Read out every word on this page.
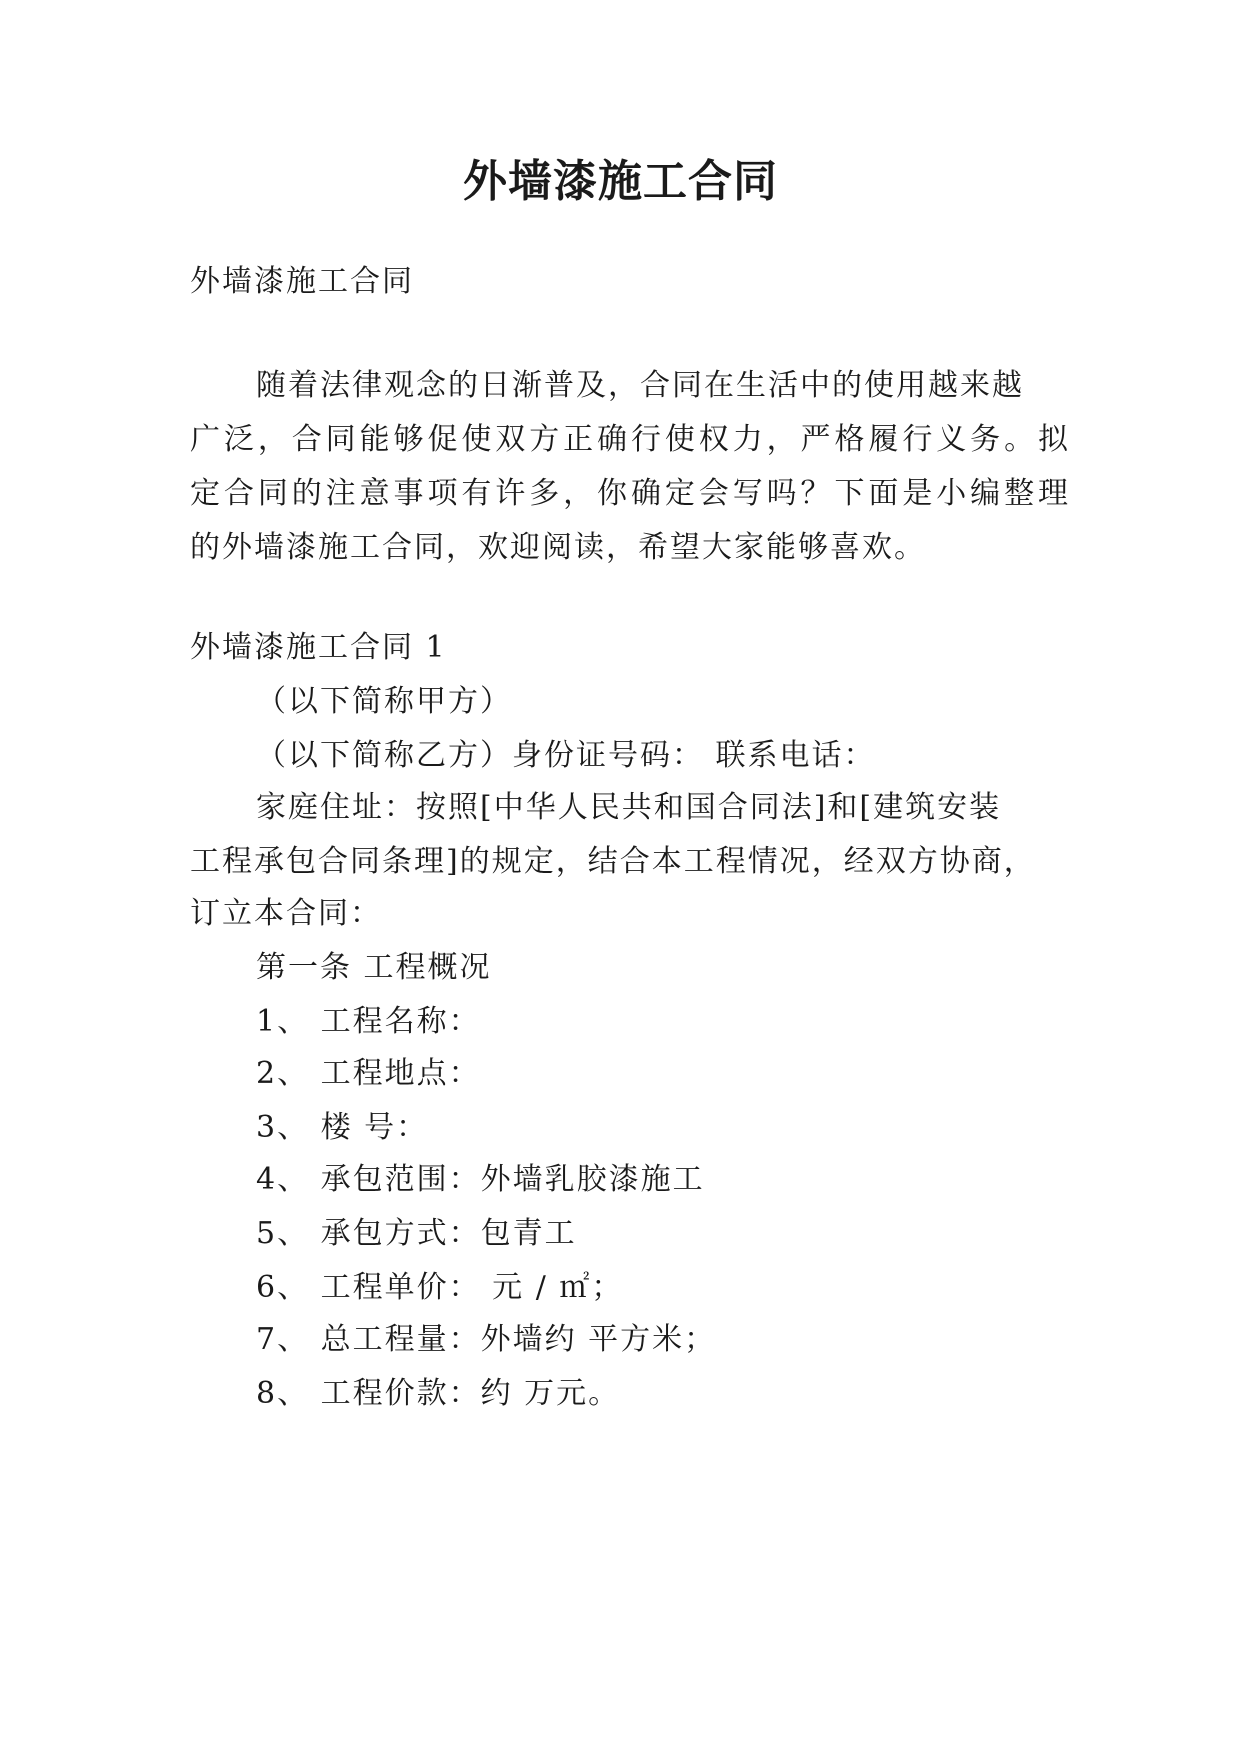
外墙漆施工合同
外墙漆施工合同
随着法律观念的日渐普及，合同在生活中的使用越来越
广泛，合同能够促使双方正确行使权力，严格履行义务。拟
定合同的注意事项有许多，你确定会写吗？下面是小编整理
的外墙漆施工合同，欢迎阅读，希望大家能够喜欢。
外墙漆施工合同 1
（以下简称甲方）
（以下简称乙方）身份证号码： 联系电话：
家庭住址：按照[中华人民共和国合同法]和[建筑安装
工程承包合同条理]的规定，结合本工程情况，经双方协商，
订立本合同：
第一条 工程概况
1、 工程名称：
2、 工程地点：
3、 楼 号：
4、 承包范围：外墙乳胶漆施工
5、 承包方式：包青工
6、 工程单价： 元 / ㎡；
7、 总工程量：外墙约 平方米；
8、 工程价款：约 万元。
